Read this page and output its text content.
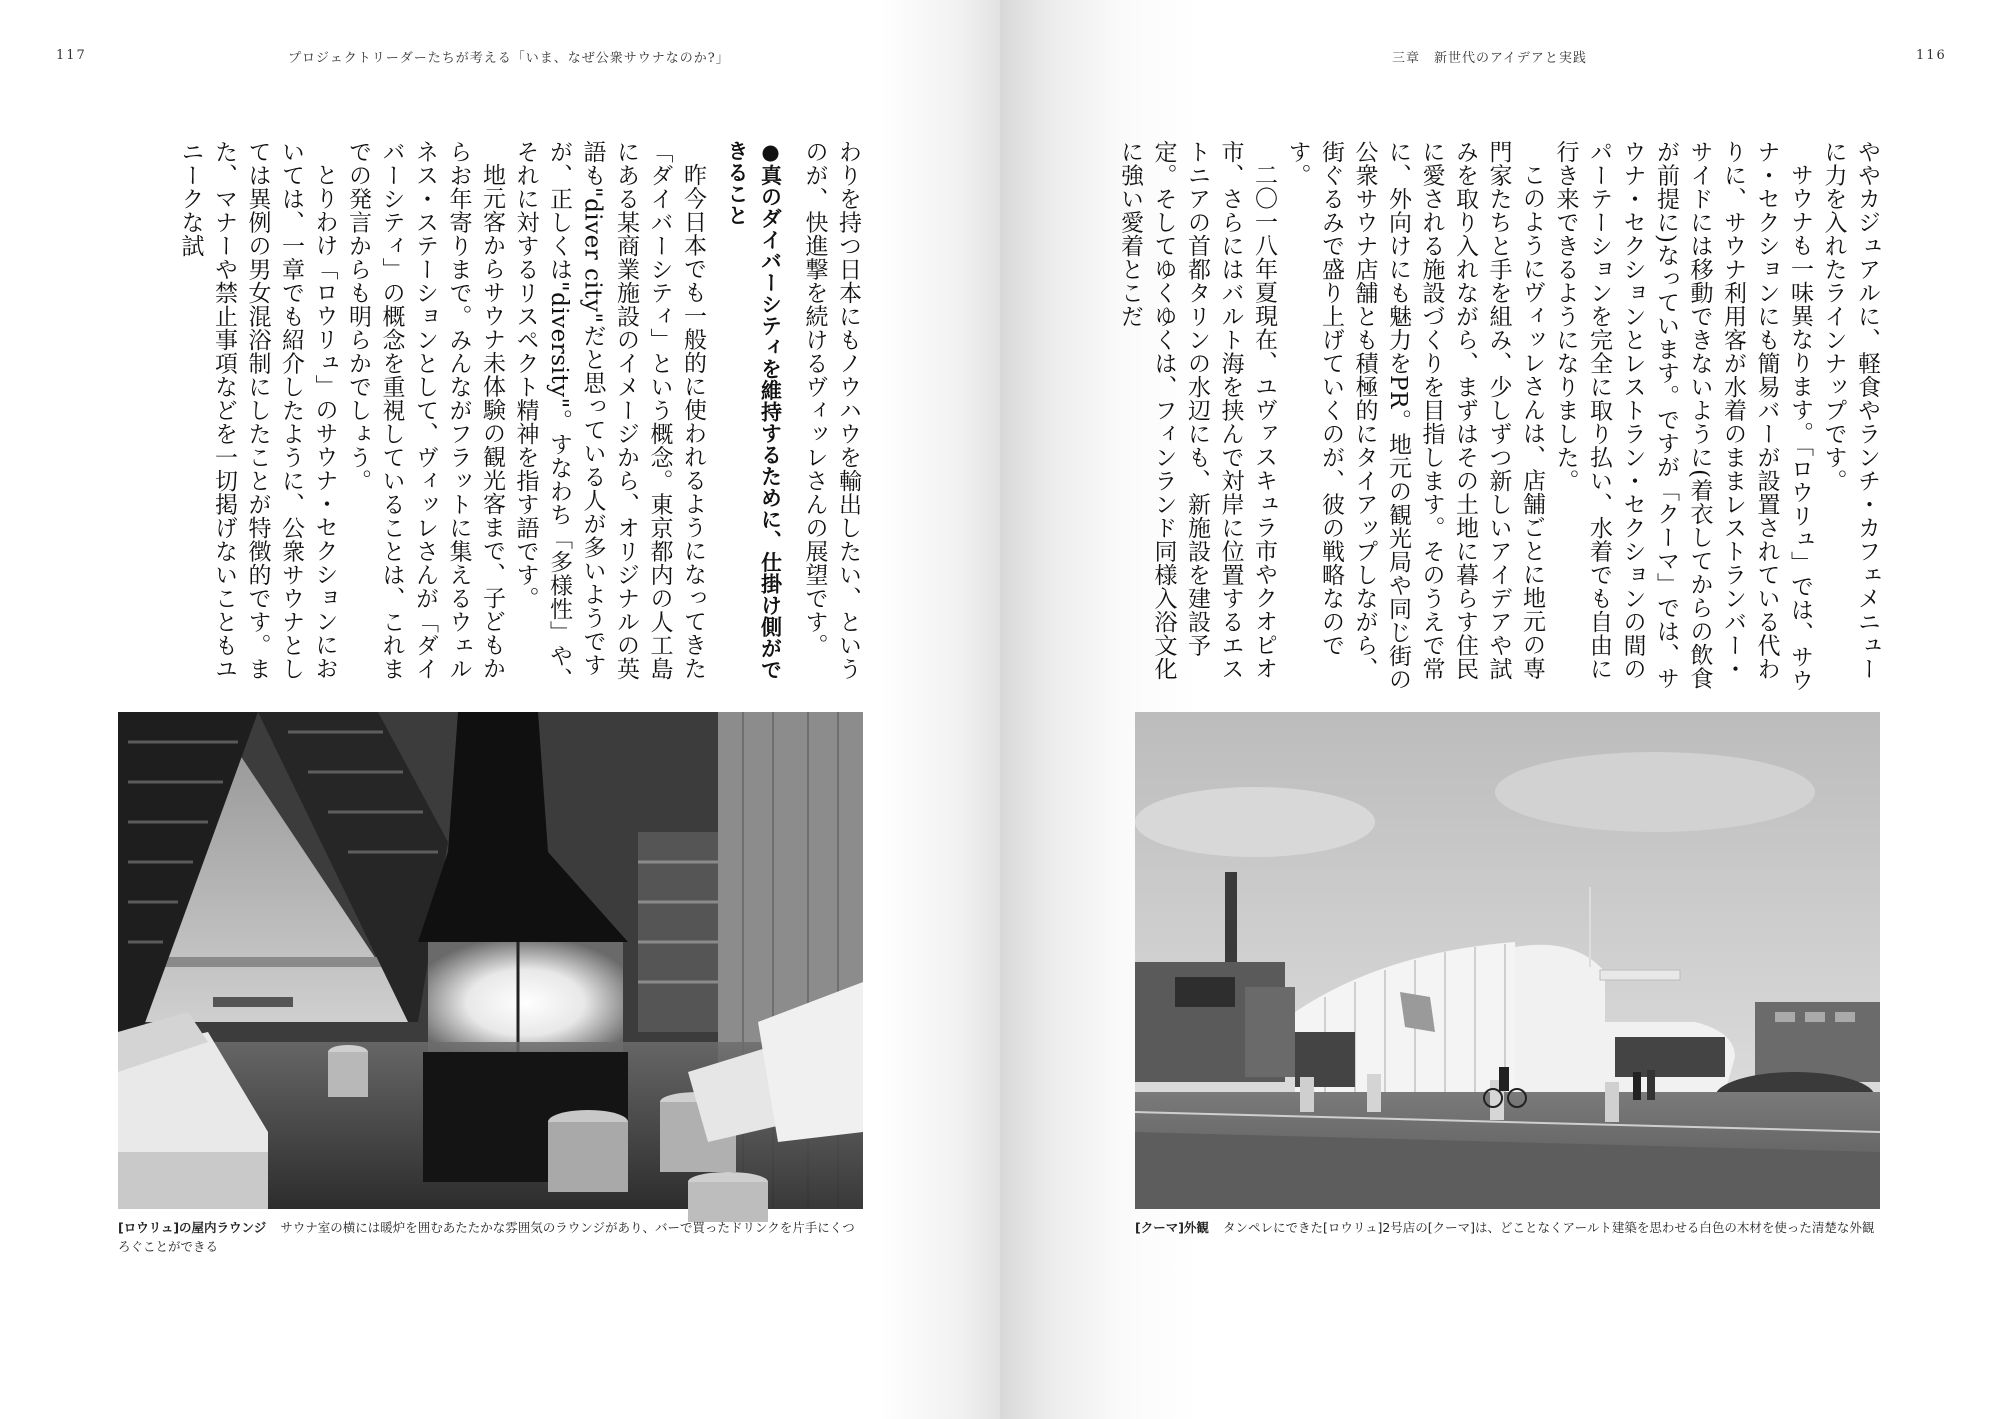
117	プロジェクトリーダーたちが考える「いま、なぜ公衆サウナなのか?」

わりを持つ日本にもノウハウを輸出したい、というのが、快進撃を続けるヴィッレさんの展望です。

●真のダイバーシティを維持するために、仕掛け側ができること

昨今日本でも一般的に使われるようになってきた「ダイバーシティ」という概念。東京都内の人工島にある某商業施設のイメージから、オリジナルの英語も"diver city"だと思っている人が多いようですが、正しくは"diversity"。すなわち「多様性」や、それに対するリスペクト精神を指す語です。

地元客からサウナ未体験の観光客まで、子どもからお年寄りまで。みんながフラットに集えるウェルネス・ステーションとして、ヴィッレさんが「ダイバーシティ」の概念を重視していることは、これまでの発言からも明らかでしょう。

とりわけ「ロウリュ」のサウナ・セクションにおいては、一章でも紹介したように、公衆サウナとしては異例の男女混浴制にしたことが特徴的です。また、マナーや禁止事項などを一切掲げないこともユニークな試

[ロウリュ]の屋内ラウンジ サウナ室の横には暖炉を囲むあたたかな雰囲気のラウンジがあり、バーで買ったドリンクを片手にくつろぐことができる
116
三章　新世代のアイデアと実践

ややカジュアルに、軽食やランチ・カフェメニューに力を入れたラインナップです。

サウナも一味異なります。「ロウリュ」では、サウナ・セクションにも簡易バーが設置されている代わりに、サウナ利用客が水着のままレストランバー・サイドには移動できないように(着衣してからの飲食が前提に)なっています。ですが「クーマ」では、サウナ・セクションとレストラン・セクションの間のパーテーションを完全に取り払い、水着でも自由に行き来できるようになりました。

このようにヴィッレさんは、店舗ごとに地元の専門家たちと手を組み、少しずつ新しいアイデアや試みを取り入れながら、まずはその土地に暮らす住民に愛される施設づくりを目指します。そのうえで常に、外向けにも魅力をPR。地元の観光局や同じ街の公衆サウナ店舗とも積極的にタイアップしながら、街ぐるみで盛り上げていくのが、彼の戦略なのです。

二〇一八年夏現在、ユヴァスキュラ市やクオピオ市、さらにはバルト海を挟んで対岸に位置するエストニアの首都タリンの水辺にも、新施設を建設予定。そしてゆくゆくは、フィンランド同様入浴文化に強い愛着とこだ

[クーマ]外観 タンペレにできた[ロウリュ]2号店の[クーマ]は、どことなくアールト建築を思わせる白色の木材を使った清楚な外観
